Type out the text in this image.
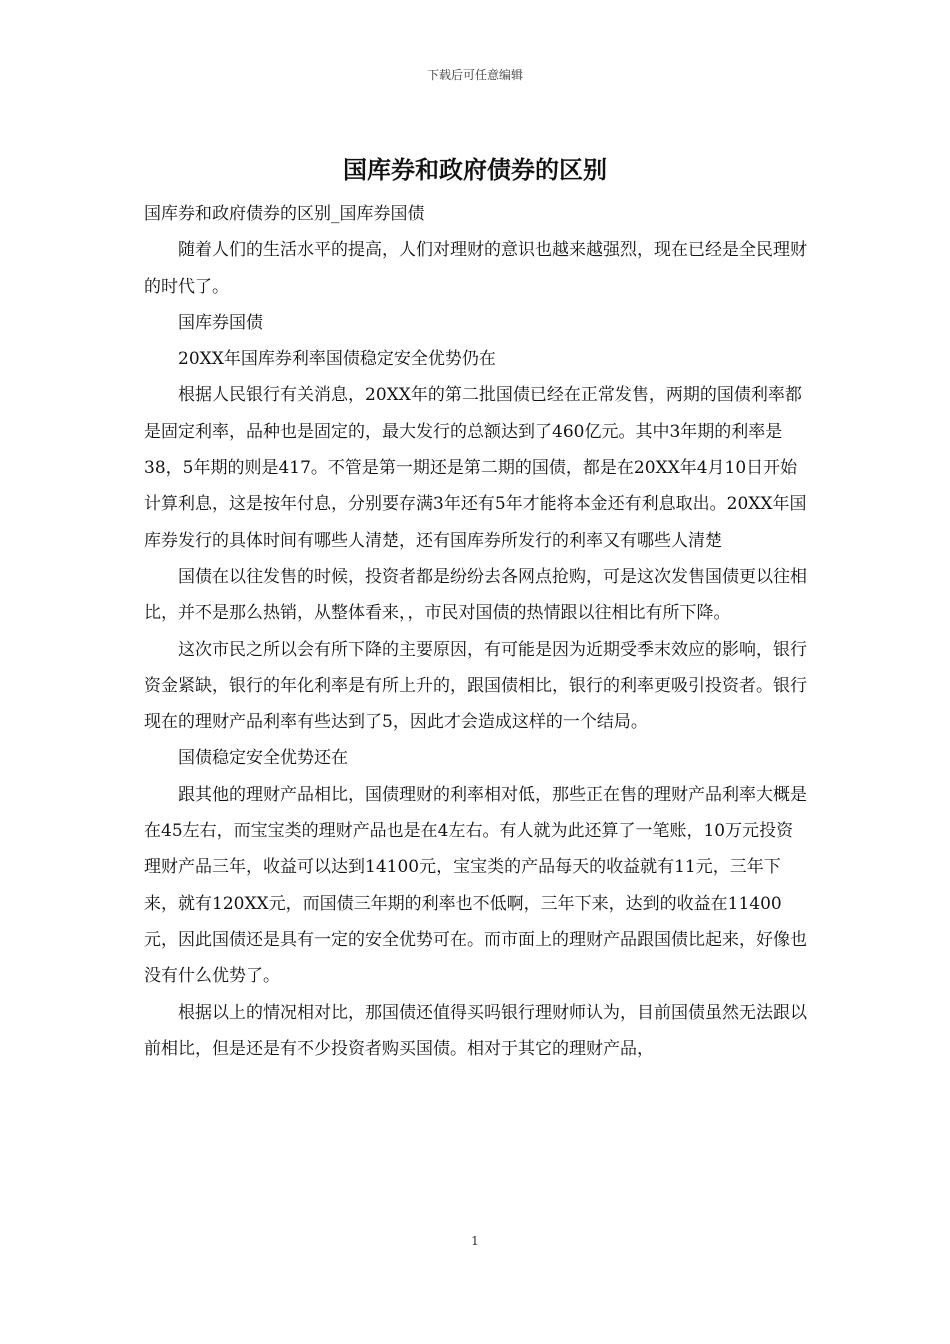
下载后可任意编辑
国库券和政府债券的区别

国库券和政府债券的区别_国库券国债

随着人们的生活水平的提高，人们对理财的意识也越来越强烈，现在已经是全民理财的时代了。

国库券国债

20XX年国库券利率国债稳定安全优势仍在

根据人民银行有关消息，20XX年的第二批国债已经在正常发售，两期的国债利率都是固定利率，品种也是固定的，最大发行的总额达到了460亿元。其中3年期的利率是38，5年期的则是417。不管是第一期还是第二期的国债，都是在20XX年4月10日开始计算利息，这是按年付息，分别要存满3年还有5年才能将本金还有利息取出。20XX年国库券发行的具体时间有哪些人清楚，还有国库券所发行的利率又有哪些人清楚

国债在以往发售的时候，投资者都是纷纷去各网点抢购，可是这次发售国债更以往相比，并不是那么热销，从整体看来，，市民对国债的热情跟以往相比有所下降。

这次市民之所以会有所下降的主要原因，有可能是因为近期受季末效应的影响，银行资金紧缺，银行的年化利率是有所上升的，跟国债相比，银行的利率更吸引投资者。银行现在的理财产品利率有些达到了5，因此才会造成这样的一个结局。

国债稳定安全优势还在

跟其他的理财产品相比，国债理财的利率相对低，那些正在售的理财产品利率大概是在45左右，而宝宝类的理财产品也是在4左右。有人就为此还算了一笔账，10万元投资理财产品三年，收益可以达到14100元，宝宝类的产品每天的收益就有11元，三年下来，就有120XX元，而国债三年期的利率也不低啊，三年下来，达到的收益在11400元，因此国债还是具有一定的安全优势可在。而市面上的理财产品跟国债比起来，好像也没有什么优势了。

根据以上的情况相对比，那国债还值得买吗银行理财师认为，目前国债虽然无法跟以前相比，但是还是有不少投资者购买国债。相对于其它的理财产品，

1
